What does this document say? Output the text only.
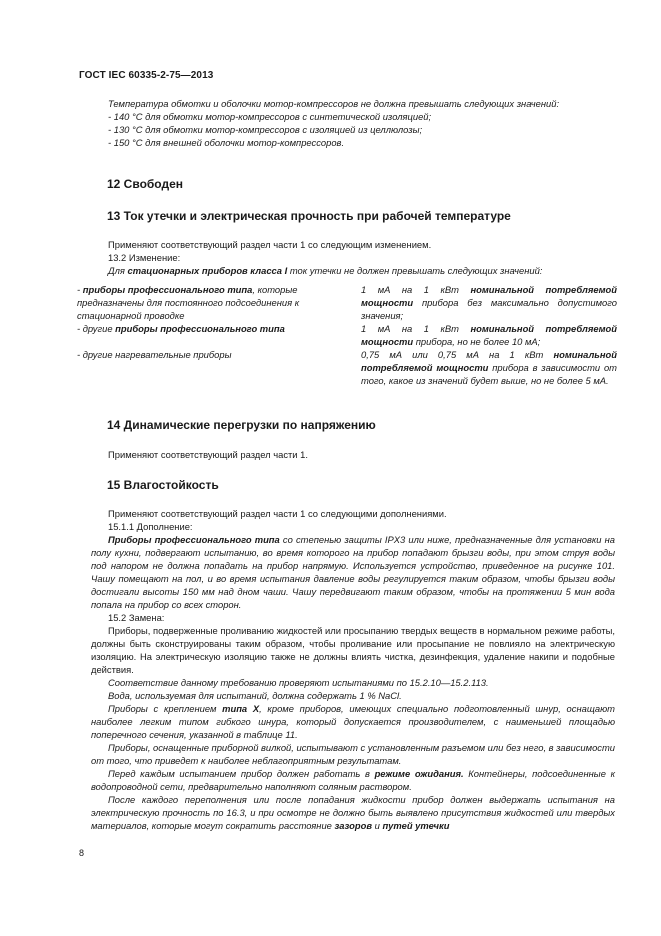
ГОСТ IEC 60335-2-75—2013

Температура обмотки и оболочки мотор-компрессоров не должна превышать следующих значений:

- 140 °С для обмотки мотор-компрессоров с синтетической изоляцией;

- 130 °С для обмотки мотор-компрессоров с изоляцией из целлюлозы;

- 150 °С для внешней оболочки мотор-компрессоров.

12 Свободен
13 Ток утечки и электрическая прочность при рабочей температуре

Применяют соответствующий раздел части 1 со следующим изменением.

13.2 Изменение:

Для стационарных приборов класса I ток утечки не должен превышать следующих значений:

- приборы профессионального типа, которые предназначены для постоянного подсоединения к стационарной проводке	1 мА на 1 кВт номинальной потребляемой мощности прибора без максимально допустимого значения;
- другие приборы профессионального типа	1 мА на 1 кВт номинальной потребляемой мощности прибора, но не более 10 мА;
- другие нагревательные приборы	0,75 мА или 0,75 мА на 1 кВт номинальной потребляемой мощности прибора в зависимости от того, какое из значений будет выше, но не более 5 мА.
14 Динамические перегрузки по напряжению

Применяют соответствующий раздел части 1.

15 Влагостойкость

Применяют соответствующий раздел части 1 со следующими дополнениями.

15.1.1 Дополнение:

Приборы профессионального типа со степенью защиты IPX3 или ниже, предназначенные для установки на полу кухни, подвергают испытанию, во время которого на прибор попадают брызги воды, при этом струя воды под напором не должна попадать на прибор напрямую. Используется устройство, приведенное на рисунке 101. Чашу помещают на пол, и во время испытания давление воды регулируется таким образом, чтобы брызги воды достигали высоты 150 мм над дном чаши. Чашу передвигают таким образом, чтобы на протяжении 5 мин вода попала на прибор со всех сторон.

15.2 Замена:

Приборы, подверженные проливанию жидкостей или просыпанию твердых веществ в нормальном режиме работы, должны быть сконструированы таким образом, чтобы проливание или просыпание не повлияло на электрическую изоляцию. На электрическую изоляцию также не должны влиять чистка, дезинфекция, удаление накипи и подобные действия.

Соответствие данному требованию проверяют испытаниями по 15.2.10—15.2.113.

Вода, используемая для испытаний, должна содержать 1 % NaCl.

Приборы с креплением типа X, кроме приборов, имеющих специально подготовленный шнур, оснащают наиболее легким типом гибкого шнура, который допускается производителем, с наименьшей площадью поперечного сечения, указанной в таблице 11.

Приборы, оснащенные приборной вилкой, испытывают с установленным разъемом или без него, в зависимости от того, что приведет к наиболее неблагоприятным результатам.

Перед каждым испытанием прибор должен работать в режиме ожидания. Контейнеры, подсоединенные к водопроводной сети, предварительно наполняют соляным раствором.

После каждого переполнения или после попадания жидкости прибор должен выдержать испытания на электрическую прочность по 16.3, и при осмотре не должно быть выявлено присутствия жидкостей или твердых материалов, которые могут сократить расстояние зазоров и путей утечки

8
